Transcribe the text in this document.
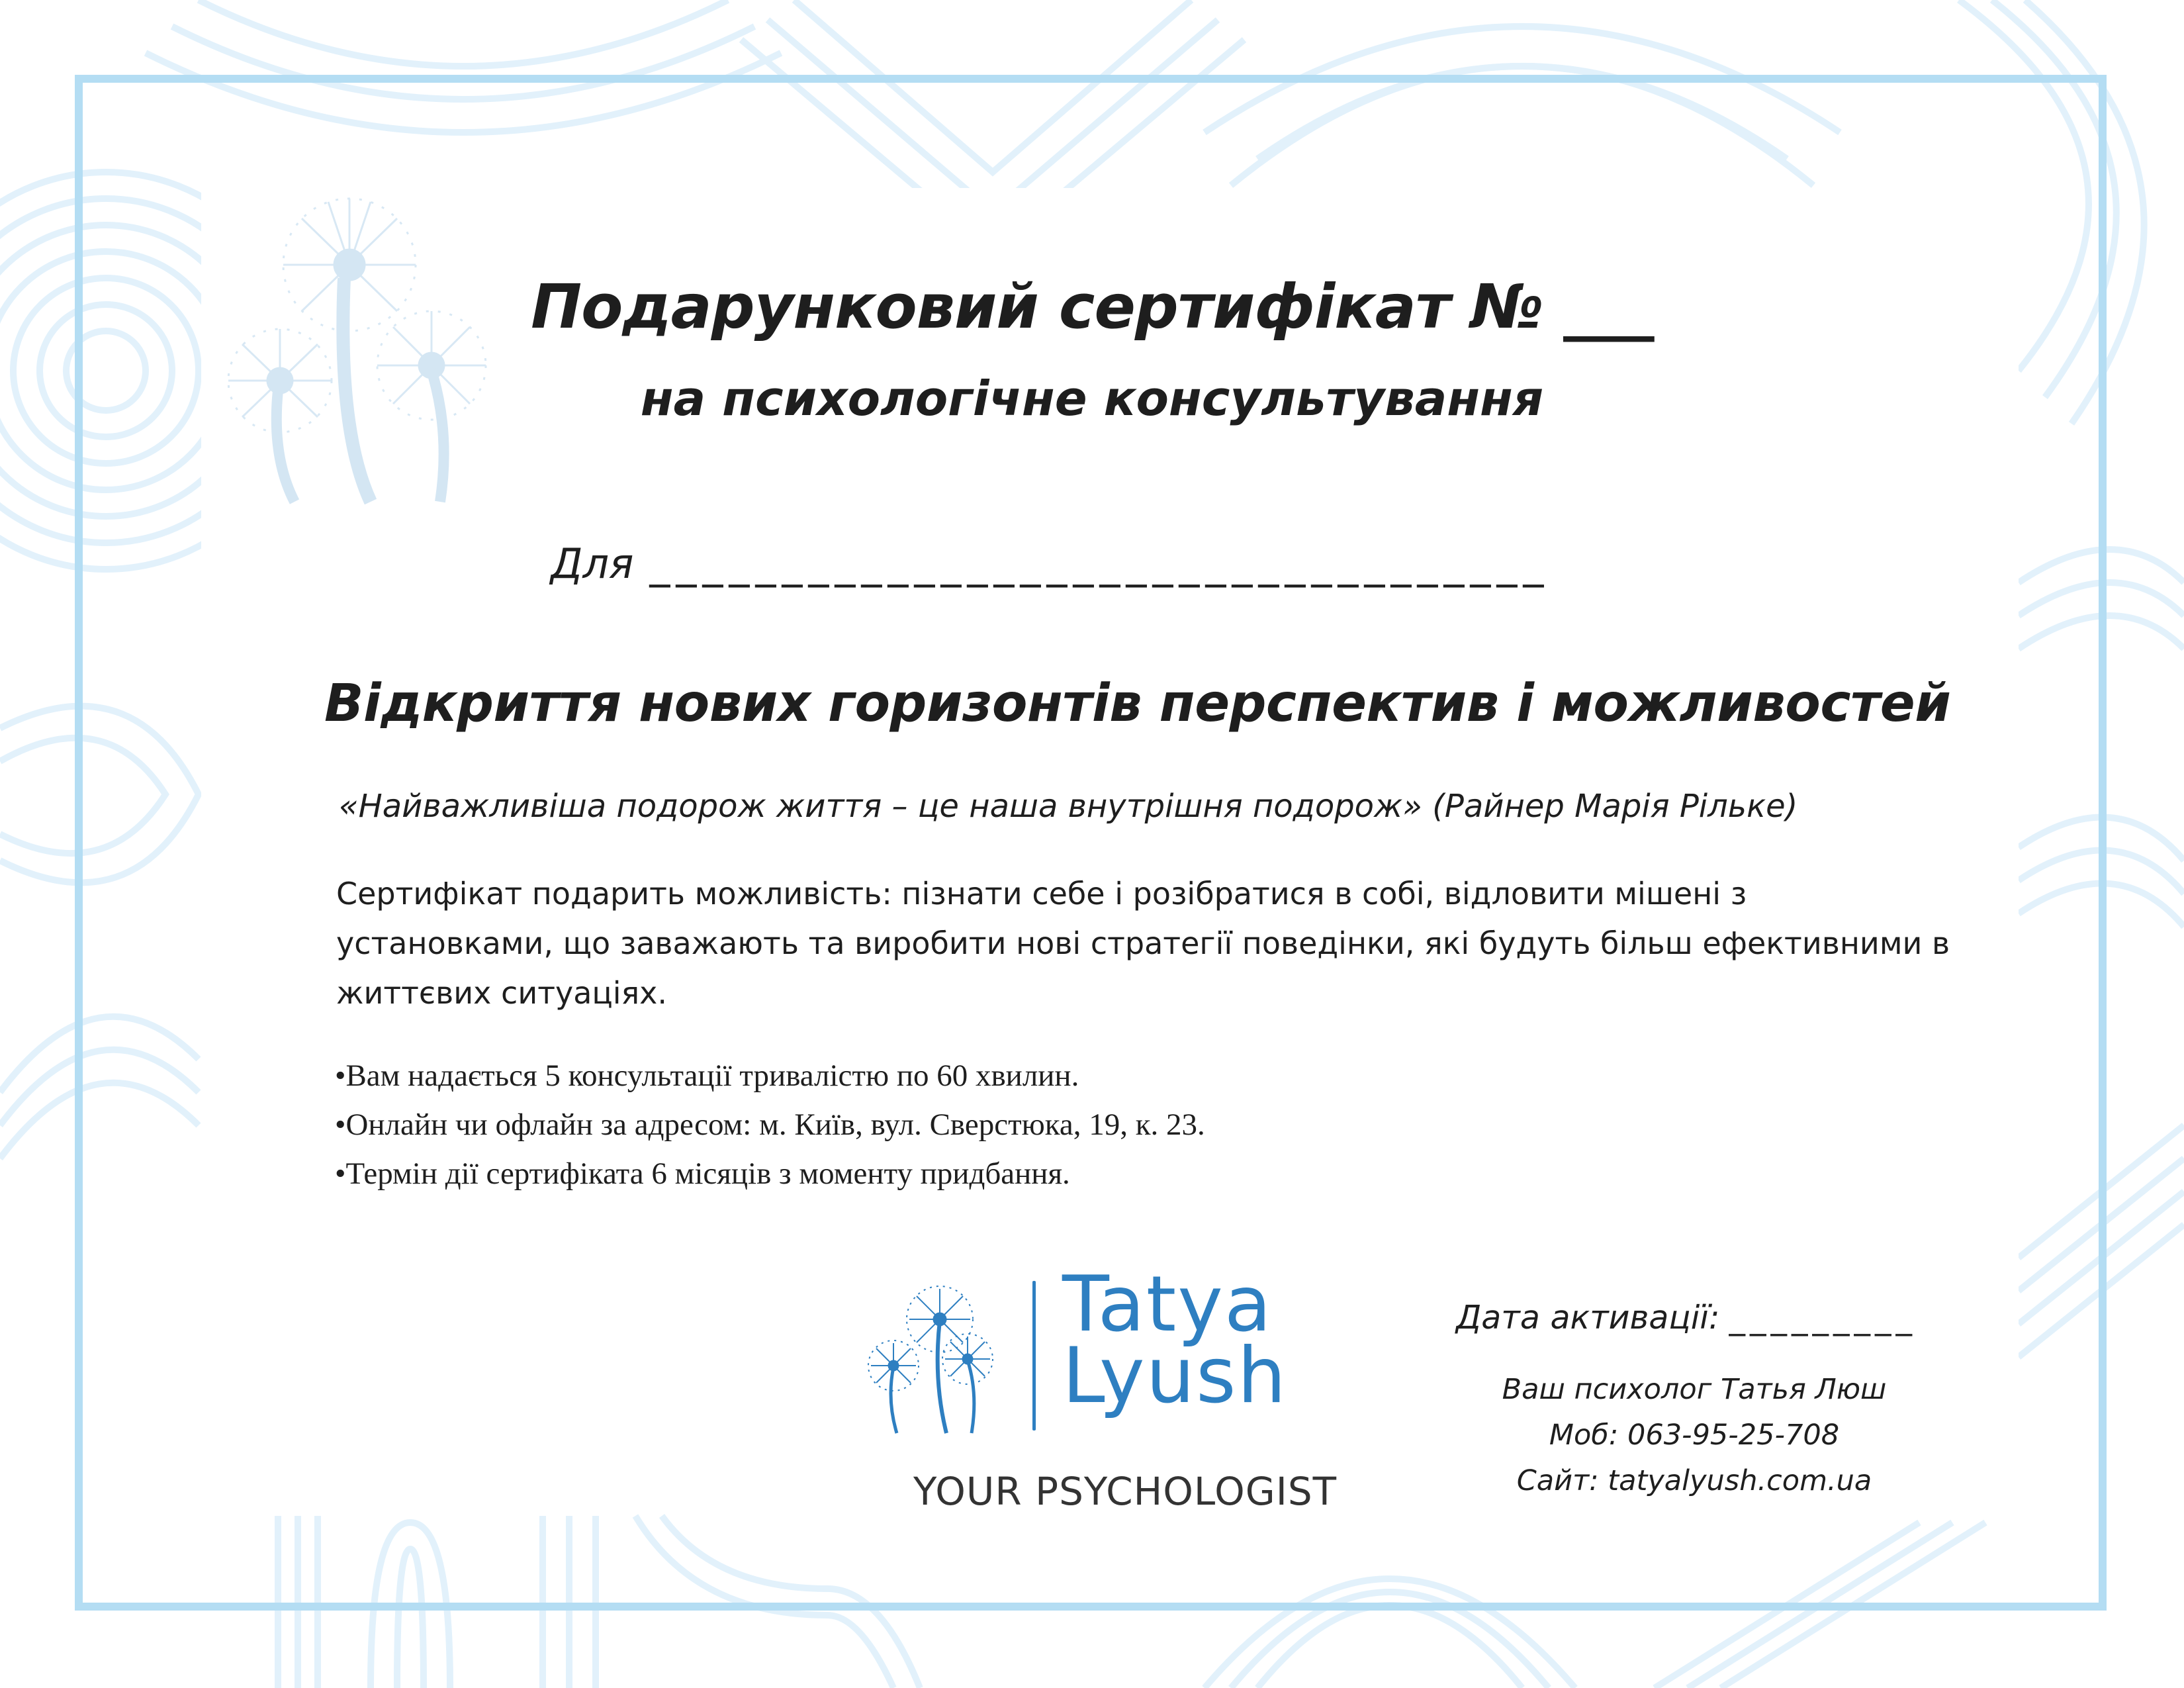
Подарунковий сертифікат № ___
на психологічне консультування
Для __________________________________
Відкриття нових горизонтів перспектив і можливостей
«Найважливіша подорож життя – це наша внутрішня подорож» (Райнер Марія Рільке)
Сертифікат подарить можливість: пізнати себе і розібратися в собі, відловити мішені з установками, що заважають та виробити нові стратегії поведінки, які будуть більш ефективними в життєвих ситуаціях.
•Вам надається 5 консультації тривалістю по 60 хвилин.
•Онлайн чи офлайн за адресом: м. Київ, вул. Сверстюка, 19, к. 23.
•Термін дії сертифіката 6 місяців з моменту придбання.
Tatya
Lyush
YOUR PSYCHOLOGIST
Дата активації: _________
Ваш психолог Татья Люш
Моб: 063-95-25-708
Сайт: tatyalyush.com.ua
